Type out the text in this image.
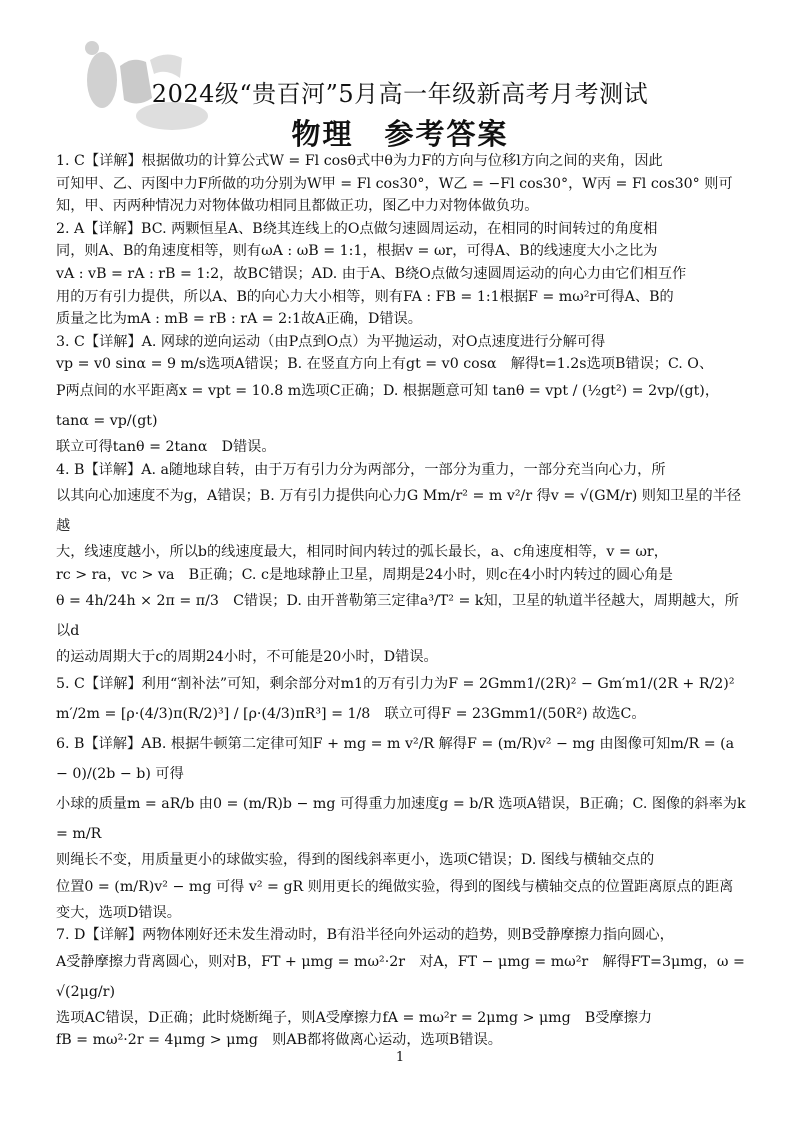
2024级“贵百河”5月高一年级新高考月考测试
物理　参考答案

1. C【详解】根据做功的计算公式W = Fl cosθ式中θ为力F的方向与位移l方向之间的夹角，因此

可知甲、乙、丙图中力F所做的功分别为W甲 = Fl cos30°，W乙 = −Fl cos30°，W丙 = Fl cos30° 则可

知，甲、丙两种情况力对物体做功相同且都做正功，图乙中力对物体做负功。

2. A【详解】BC. 两颗恒星A、B绕其连线上的O点做匀速圆周运动，在相同的时间转过的角度相

同，则A、B的角速度相等，则有ωA : ωB = 1:1，根据v = ωr，可得A、B的线速度大小之比为

vA : vB = rA : rB = 1:2，故BC错误；AD. 由于A、B绕O点做匀速圆周运动的向心力由它们相互作

用的万有引力提供，所以A、B的向心力大小相等，则有FA : FB = 1:1根据F = mω²r可得A、B的

质量之比为mA : mB = rB : rA = 2:1故A正确，D错误。

3. C【详解】A. 网球的逆向运动（由P点到O点）为平抛运动，对O点速度进行分解可得

vp = v0 sinα = 9 m/s选项A错误；B. 在竖直方向上有gt = v0 cosα　解得t=1.2s选项B错误；C. O、

P两点间的水平距离x = vpt = 10.8 m选项C正确；D. 根据题意可知 tanθ = vpt / (½gt²) = 2vp/(gt)，tanα = vp/(gt)

联立可得tanθ = 2tanα　D错误。

4. B【详解】A. a随地球自转，由于万有引力分为两部分，一部分为重力，一部分充当向心力，所

以其向心加速度不为g，A错误；B. 万有引力提供向心力G Mm/r² = m v²/r 得v = √(GM/r) 则知卫星的半径越

大，线速度越小，所以b的线速度最大，相同时间内转过的弧长最长，a、c角速度相等，v = ωr，

rc > ra，vc > va　B正确；C. c是地球静止卫星，周期是24小时，则c在4小时内转过的圆心角是

θ = 4h/24h × 2π = π/3　C错误；D. 由开普勒第三定律a³/T² = k知，卫星的轨道半径越大，周期越大，所以d

的运动周期大于c的周期24小时，不可能是20小时，D错误。

5. C【详解】利用“割补法”可知，剩余部分对m1的万有引力为F = 2Gmm1/(2R)² − Gm′m1/(2R + R/2)²

m′/2m = [ρ·(4/3)π(R/2)³] / [ρ·(4/3)πR³] = 1/8　联立可得F = 23Gmm1/(50R²) 故选C。

6. B【详解】AB. 根据牛顿第二定律可知F + mg = m v²/R 解得F = (m/R)v² − mg 由图像可知m/R = (a − 0)/(2b − b) 可得

小球的质量m = aR/b 由0 = (m/R)b − mg 可得重力加速度g = b/R 选项A错误，B正确；C. 图像的斜率为k = m/R

则绳长不变，用质量更小的球做实验，得到的图线斜率更小，选项C错误；D. 图线与横轴交点的

位置0 = (m/R)v² − mg 可得 v² = gR 则用更长的绳做实验，得到的图线与横轴交点的位置距离原点的距离

变大，选项D错误。

7. D【详解】两物体刚好还未发生滑动时，B有沿半径向外运动的趋势，则B受静摩擦力指向圆心，

A受静摩擦力背离圆心，则对B，FT + μmg = mω²·2r　对A，FT − μmg = mω²r　解得FT=3μmg，ω = √(2μg/r)

选项AC错误，D正确；此时烧断绳子，则A受摩擦力fA = mω²r = 2μmg > μmg　B受摩擦力

fB = mω²·2r = 4μmg > μmg　则AB都将做离心运动，选项B错误。

1
